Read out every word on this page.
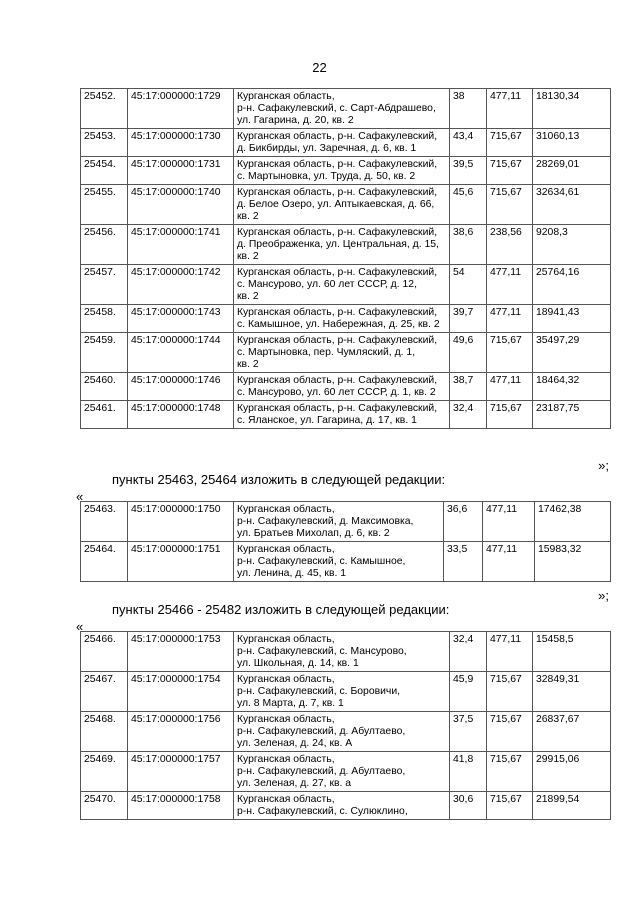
22
25452.	45:17:000000:1729	Курганская область,
р-н. Сафакулевский, с. Сарт-Абдрашево,
ул. Гагарина, д. 20, кв. 2	38	477,11	18130,34
25453.	45:17:000000:1730	Курганская область, р-н. Сафакулевский,
д. Бикбирды, ул. Заречная, д. 6, кв. 1	43,4	715,67	31060,13
25454.	45:17:000000:1731	Курганская область, р-н. Сафакулевский,
с. Мартыновка, ул. Труда, д. 50, кв. 2	39,5	715,67	28269,01
25455.	45:17:000000:1740	Курганская область, р-н. Сафакулевский,
д. Белое Озеро, ул. Аптыкаевская, д. 66,
кв. 2	45,6	715,67	32634,61
25456.	45:17:000000:1741	Курганская область, р-н. Сафакулевский,
д. Преображенка, ул. Центральная, д. 15,
кв. 2	38,6	238,56	9208,3
25457.	45:17:000000:1742	Курганская область, р-н. Сафакулевский,
с. Мансурово, ул. 60 лет СССР, д. 12,
кв. 2	54	477,11	25764,16
25458.	45:17:000000:1743	Курганская область, р-н. Сафакулевский,
с. Камышное, ул. Набережная, д. 25, кв. 2	39,7	477,11	18941,43
25459.	45:17:000000:1744	Курганская область, р-н. Сафакулевский,
с. Мартыновка, пер. Чумляский, д. 1,
кв. 2	49,6	715,67	35497,29
25460.	45:17:000000:1746	Курганская область, р-н. Сафакулевский,
с. Мансурово, ул. 60 лет СССР, д. 1, кв. 2	38,7	477,11	18464,32
25461.	45:17:000000:1748	Курганская область, р-н. Сафакулевский,
с. Яланское, ул. Гагарина, д. 17, кв. 1	32,4	715,67	23187,75
»;
пункты 25463, 25464 изложить в следующей редакции:
«
25463.	45:17:000000:1750	Курганская область,
р-н. Сафакулевский, д. Максимовка,
ул. Братьев Михолап, д. 6, кв. 2	36,6	477,11	17462,38
25464.	45:17:000000:1751	Курганская область,
р-н. Сафакулевский, с. Камышное,
ул. Ленина, д. 45, кв. 1	33,5	477,11	15983,32
»;
пункты 25466 - 25482 изложить в следующей редакции:
«
25466.	45:17:000000:1753	Курганская область,
р-н. Сафакулевский, с. Мансурово,
ул. Школьная, д. 14, кв. 1	32,4	477,11	15458,5
25467.	45:17:000000:1754	Курганская область,
р-н. Сафакулевский, с. Боровичи,
ул. 8 Марта, д. 7, кв. 1	45,9	715,67	32849,31
25468.	45:17:000000:1756	Курганская область,
р-н. Сафакулевский, д. Абултаево,
ул. Зеленая, д. 24, кв. А	37,5	715,67	26837,67
25469.	45:17:000000:1757	Курганская область,
р-н. Сафакулевский, д. Абултаево,
ул. Зеленая, д. 27, кв. а	41,8	715,67	29915,06
25470.	45:17:000000:1758	Курганская область,
р-н. Сафакулевский, с. Сулюклино,	30,6	715,67	21899,54
